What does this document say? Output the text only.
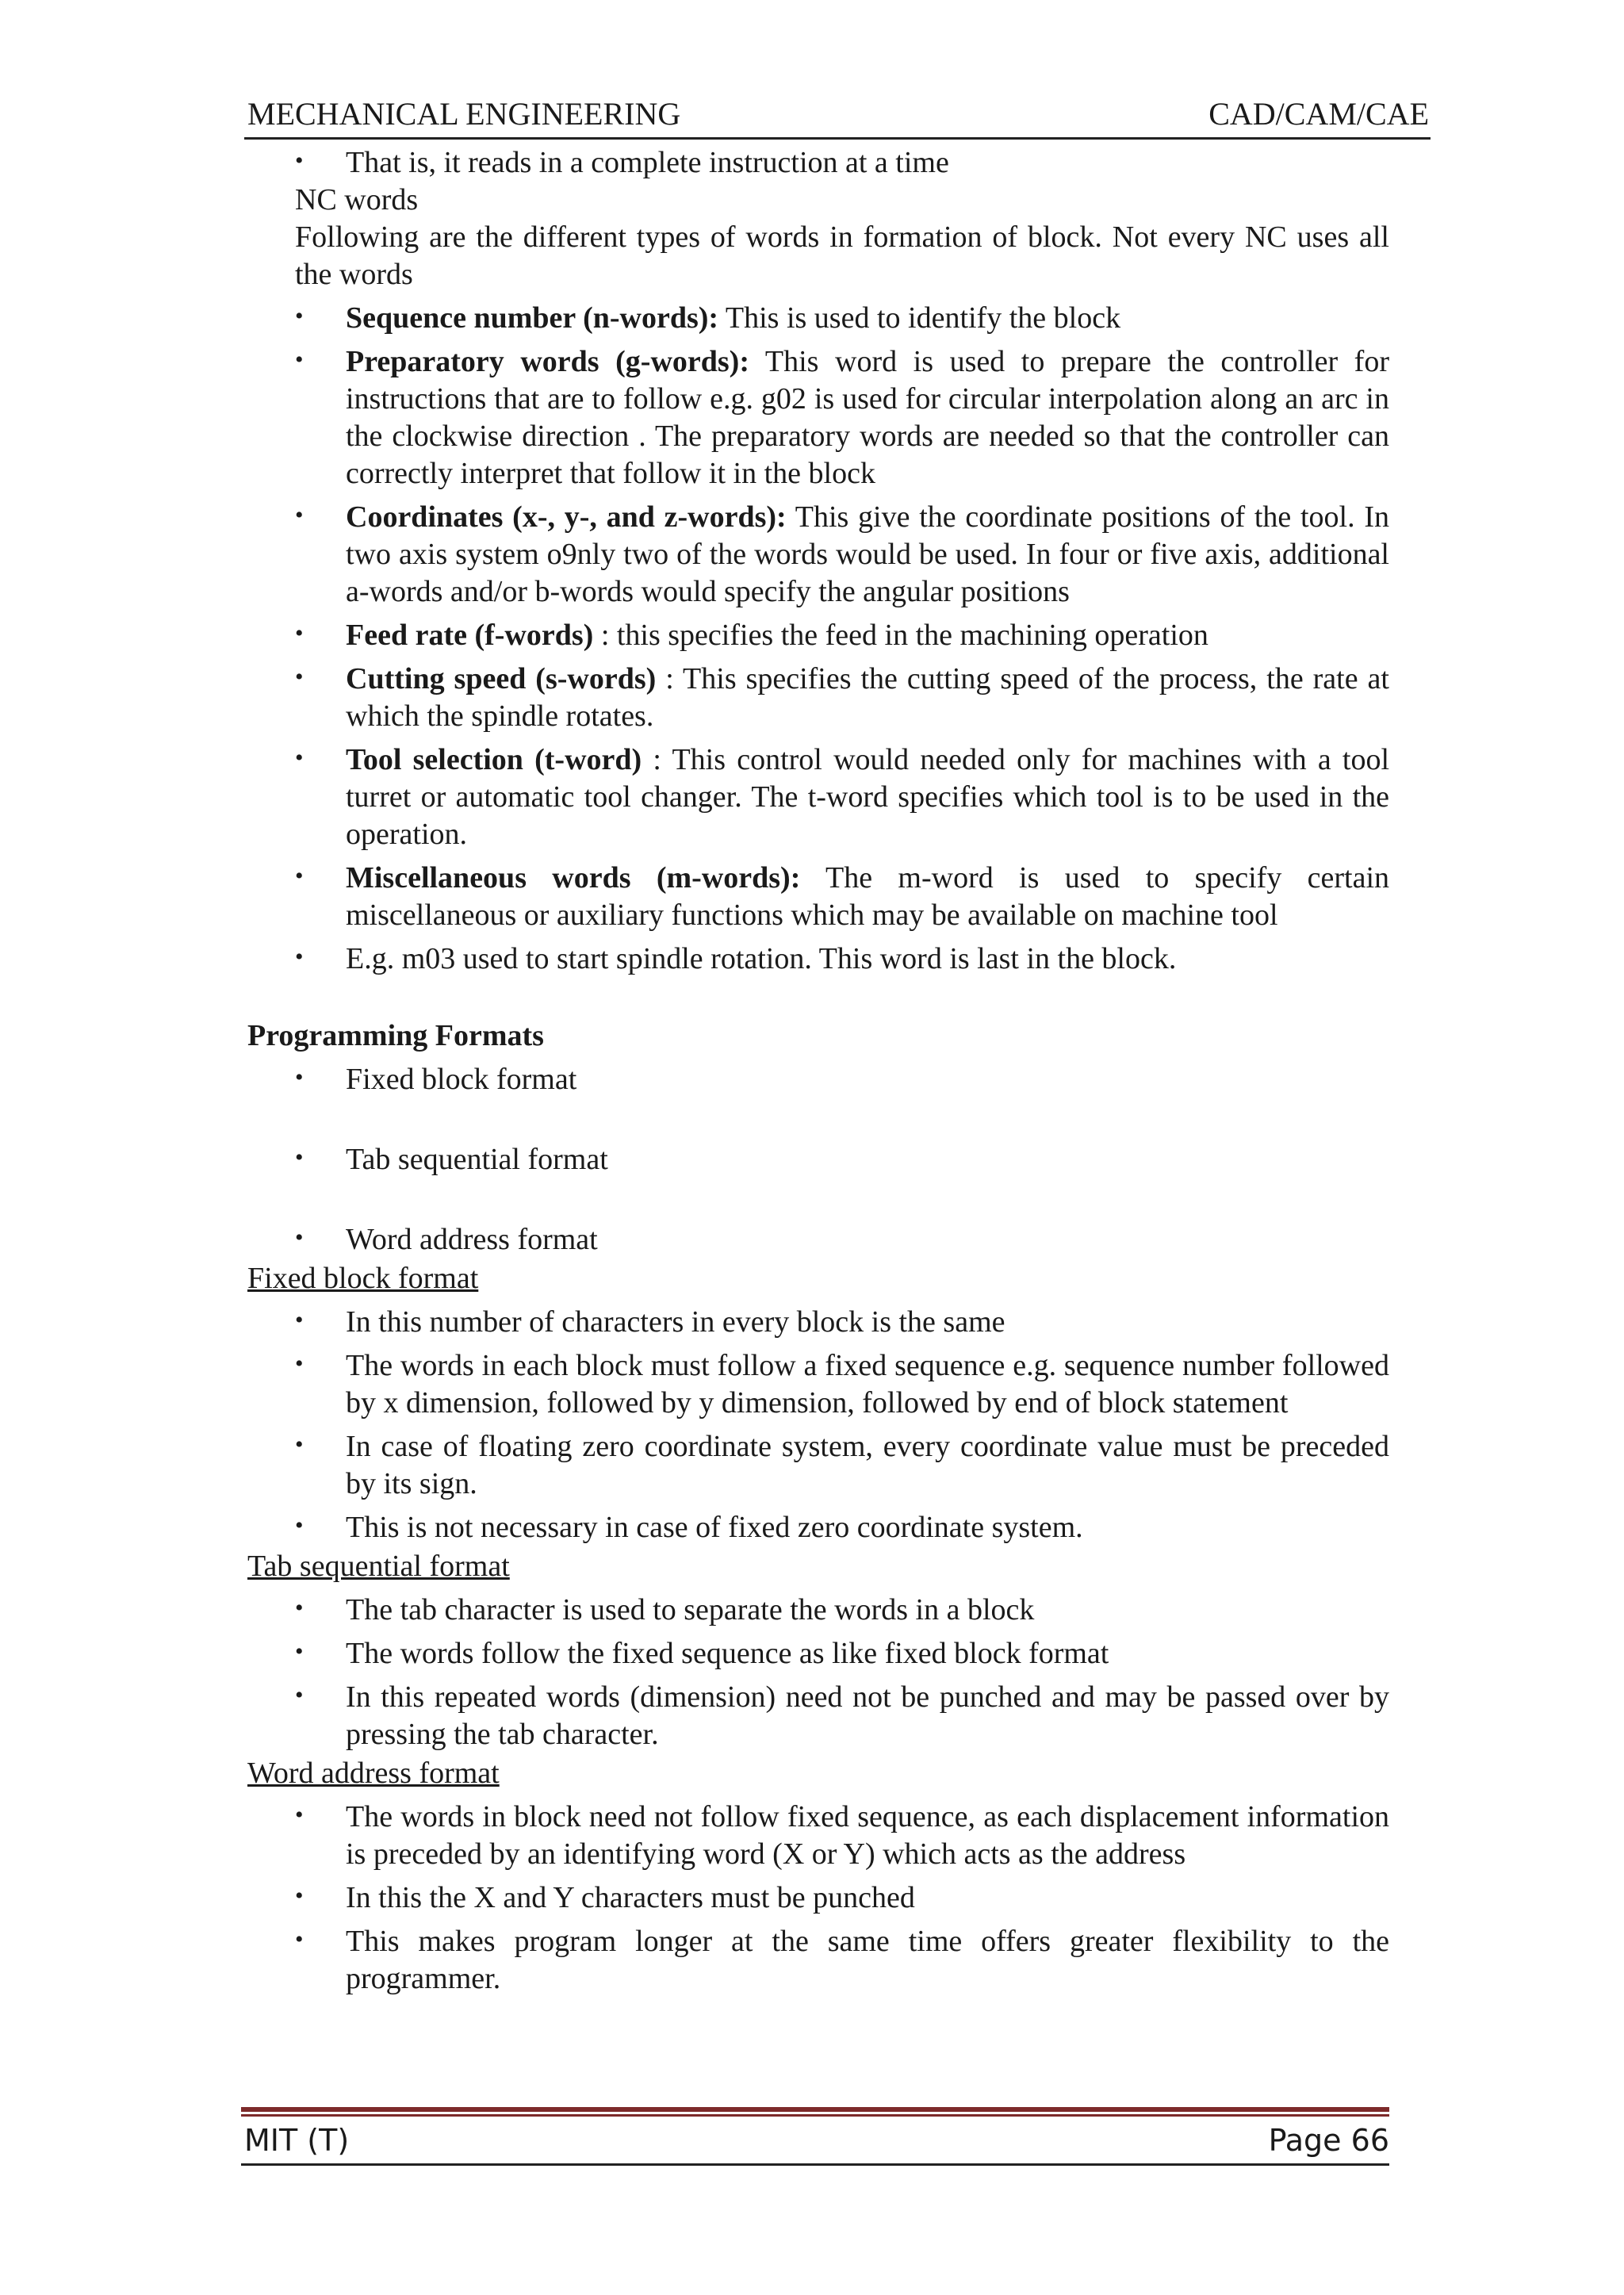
MECHANICAL ENGINEERING	CAD/CAM/CAE
• That is, it reads in a complete instruction at a time
NC words
Following are the different types of words in formation of block. Not every NC uses all the words
• Sequence number (n-words): This is used to identify the block
• Preparatory words (g-words): This word is used to prepare the controller for instructions that are to follow e.g. g02 is used for circular interpolation along an arc in the clockwise direction . The preparatory words are needed so that the controller can correctly interpret that follow it in the block
• Coordinates (x-, y-, and z-words): This give the coordinate positions of the tool. In two axis system o9nly two of the words would be used. In four or five axis, additional a-words and/or b-words would specify the angular positions
• Feed rate (f-words) : this specifies the feed in the machining operation
• Cutting speed (s-words) : This specifies the cutting speed of the process, the rate at which the spindle rotates.
• Tool selection (t-word) : This control would needed only for machines with a tool turret or automatic tool changer. The t-word specifies which tool is to be used in the operation.
• Miscellaneous words (m-words): The m-word is used to specify certain miscellaneous or auxiliary functions which may be available on machine tool
• E.g. m03 used to start spindle rotation. This word is last in the block.
Programming Formats
• Fixed block format
• Tab sequential format
• Word address format
Fixed block format
• In this number of characters in every block is the same
• The words in each block must follow a fixed sequence e.g. sequence number followed by x dimension, followed by y dimension, followed by end of block statement
• In case of floating zero coordinate system, every coordinate value must be preceded by its sign.
• This is not necessary in case of fixed zero coordinate system.
Tab sequential format
• The tab character is used to separate the words in a block
• The words follow the fixed sequence as like fixed block format
• In this repeated words (dimension) need not be punched and may be passed over by pressing the tab character.
Word address format
• The words in block need not follow fixed sequence, as each displacement information is preceded by an identifying word (X or Y) which acts as the address
• In this the X and Y characters must be punched
• This makes program longer at the same time offers greater flexibility to the programmer.
MIT (T)	Page 66
